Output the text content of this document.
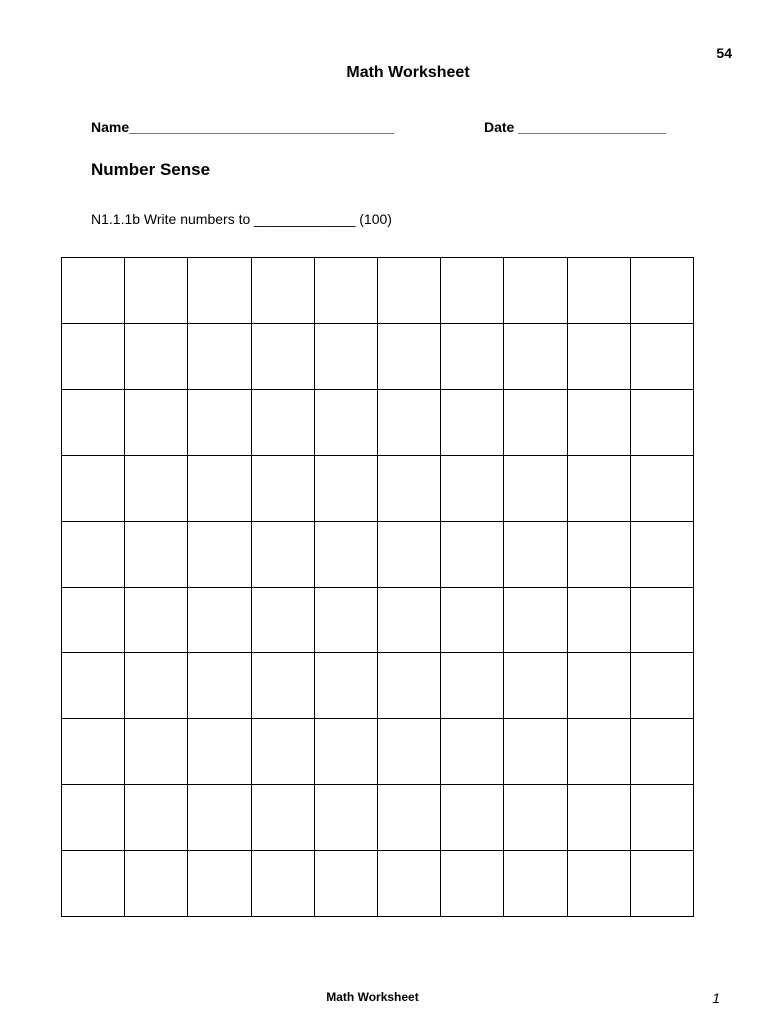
54
Math Worksheet
Name__________________________________	Date ___________________
Number Sense
N1.1.1b Write numbers to _____________ (100)
Math Worksheet	1
